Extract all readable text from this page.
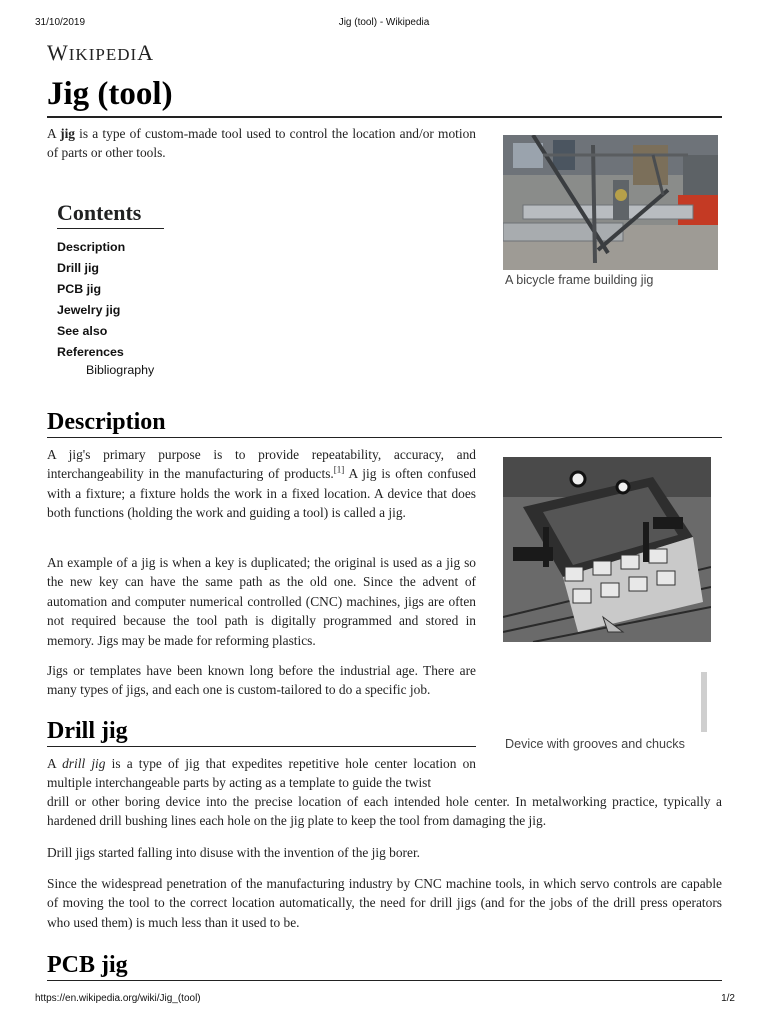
31/10/2019	Jig (tool) - Wikipedia
WIKIPEDIA
Jig (tool)

A jig is a type of custom-made tool used to control the location and/or motion of parts or other tools.

A bicycle frame building jig
Contents
Description
Drill jig
PCB jig
Jewelry jig
See also
References
Bibliography
Description

A jig's primary purpose is to provide repeatability, accuracy, and interchangeability in the manufacturing of products.[1] A jig is often confused with a fixture; a fixture holds the work in a fixed location. A device that does both functions (holding the work and guiding a tool) is called a jig.

An example of a jig is when a key is duplicated; the original is used as a jig so the new key can have the same path as the old one. Since the advent of automation and computer numerical controlled (CNC) machines, jigs are often not required because the tool path is digitally programmed and stored in memory. Jigs may be made for reforming plastics.

Jigs or templates have been known long before the industrial age. There are many types of jigs, and each one is custom-tailored to do a specific job.

Device with grooves and chucks
Drill jig

A drill jig is a type of jig that expedites repetitive hole center location on multiple interchangeable parts by acting as a template to guide the twist

drill or other boring device into the precise location of each intended hole center. In metalworking practice, typically a hardened drill bushing lines each hole on the jig plate to keep the tool from damaging the jig.

Drill jigs started falling into disuse with the invention of the jig borer.

Since the widespread penetration of the manufacturing industry by CNC machine tools, in which servo controls are capable of moving the tool to the correct location automatically, the need for drill jigs (and for the jobs of the drill press operators who used them) is much less than it used to be.

PCB jig
https://en.wikipedia.org/wiki/Jig_(tool)	1/2
